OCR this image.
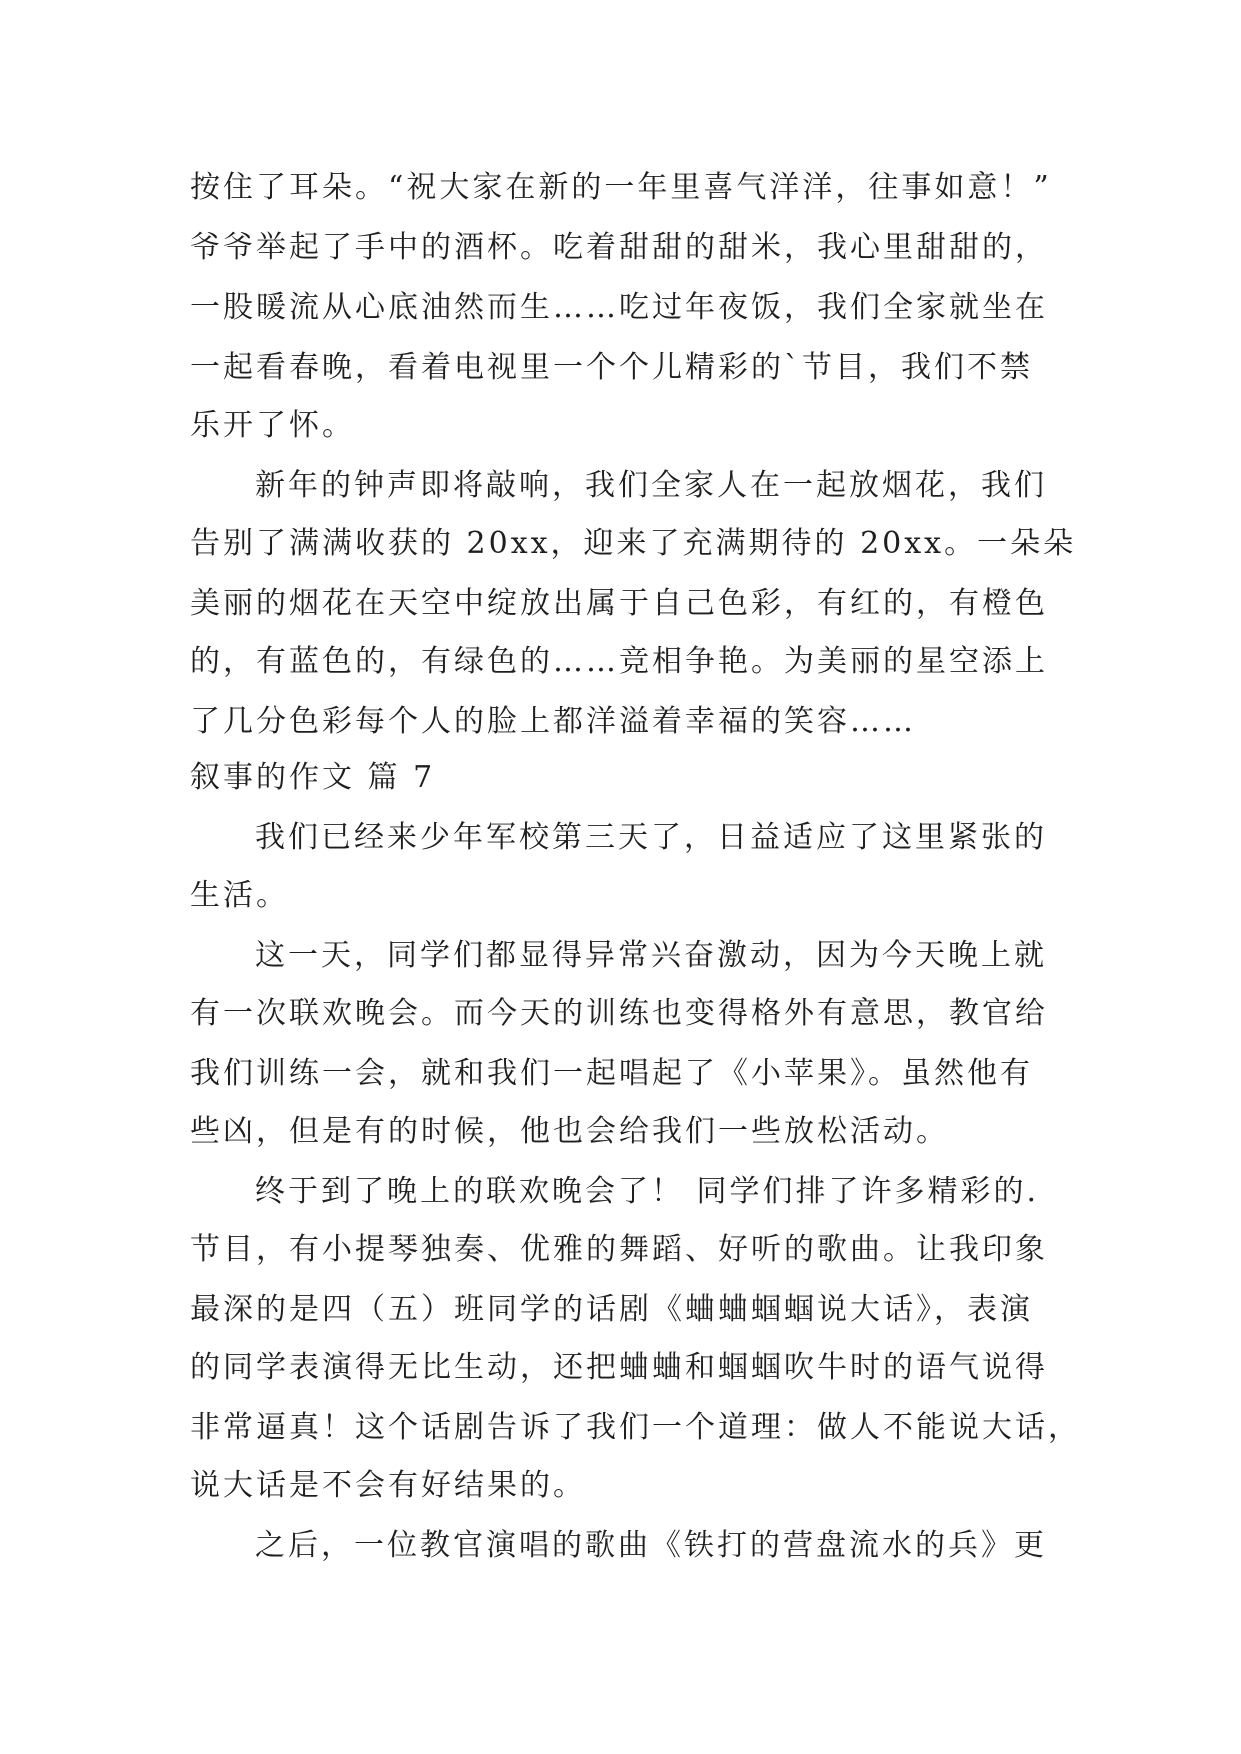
按住了耳朵。“祝大家在新的一年里喜气洋洋，往事如意！”
爷爷举起了手中的酒杯。吃着甜甜的甜米，我心里甜甜的，
一股暖流从心底油然而生……吃过年夜饭，我们全家就坐在
一起看春晚，看着电视里一个个儿精彩的`节目，我们不禁
乐开了怀。
新年的钟声即将敲响，我们全家人在一起放烟花，我们
告别了满满收获的 20xx，迎来了充满期待的 20xx。一朵朵
美丽的烟花在天空中绽放出属于自己色彩，有红的，有橙色
的，有蓝色的，有绿色的……竞相争艳。为美丽的星空添上
了几分色彩每个人的脸上都洋溢着幸福的笑容……
叙事的作文 篇 7
我们已经来少年军校第三天了，日益适应了这里紧张的
生活。
这一天，同学们都显得异常兴奋激动，因为今天晚上就
有一次联欢晚会。而今天的训练也变得格外有意思，教官给
我们训练一会，就和我们一起唱起了《小苹果》。虽然他有
些凶，但是有的时候，他也会给我们一些放松活动。
终于到了晚上的联欢晚会了！ 同学们排了许多精彩的.
节目，有小提琴独奏、优雅的舞蹈、好听的歌曲。让我印象
最深的是四（五）班同学的话剧《蛐蛐蝈蝈说大话》，表演
的同学表演得无比生动，还把蛐蛐和蝈蝈吹牛时的语气说得
非常逼真！这个话剧告诉了我们一个道理：做人不能说大话，
说大话是不会有好结果的。
之后，一位教官演唱的歌曲《铁打的营盘流水的兵》更
